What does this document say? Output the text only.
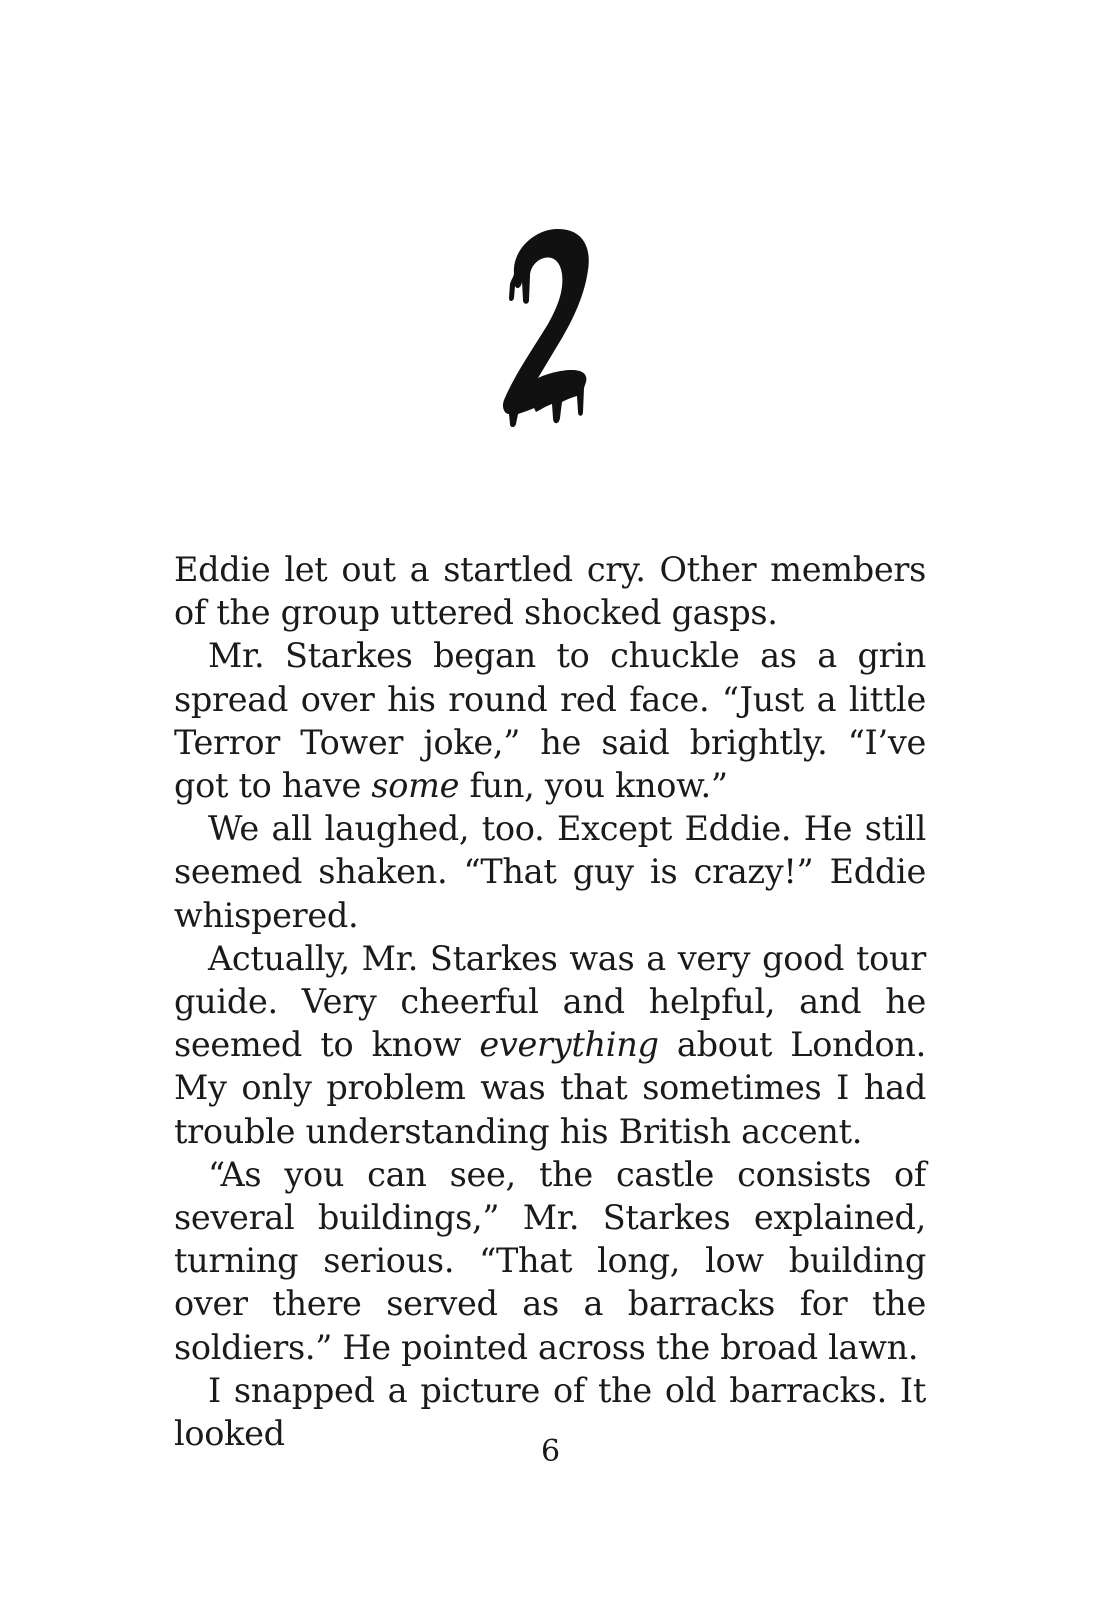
Eddie let out a startled cry. Other members of the group uttered shocked gasps.

Mr. Starkes began to chuckle as a grin spread over his round red face. “Just a little Terror Tower joke,” he said brightly. “I’ve got to have some fun, you know.”

We all laughed, too. Except Eddie. He still seemed shaken. “That guy is crazy!” Eddie whispered.

Actually, Mr. Starkes was a very good tour guide. Very cheerful and helpful, and he seemed to know everything about London. My only problem was that sometimes I had trouble understanding his British accent.

“As you can see, the castle consists of several buildings,” Mr. Starkes explained, turning serious. “That long, low building over there served as a barracks for the soldiers.” He pointed across the broad lawn.

I snapped a picture of the old barracks. It looked	6
